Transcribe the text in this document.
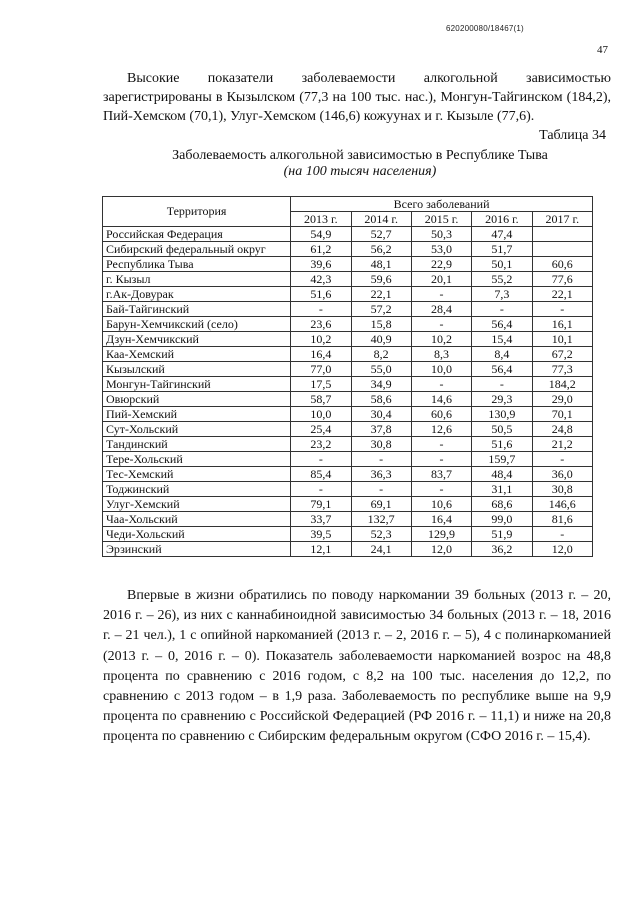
620200080/18467(1)
47

Высокие показатели заболеваемости алкогольной зависимостью зарегистрированы в Кызылском (77,3 на 100 тыс. нас.), Монгун-Тайгинском (184,2), Пий-Хемском (70,1), Улуг-Хемском (146,6) кожуунах и г. Кызыле (77,6).

Таблица 34

Заболеваемость алкогольной зависимостью в Республике Тыва

(на 100 тысяч населения)

Территория	Всего заболеваний				
	2013 г.	2014 г.	2015 г.	2016 г.	2017 г.
Российская Федерация	54,9	52,7	50,3	47,4	
Сибирский федеральный округ	61,2	56,2	53,0	51,7	
Республика Тыва	39,6	48,1	22,9	50,1	60,6
г. Кызыл	42,3	59,6	20,1	55,2	77,6
г.Ак-Довурак	51,6	22,1	-	7,3	22,1
Бай-Тайгинский	-	57,2	28,4	-	-
Барун-Хемчикский (село)	23,6	15,8	-	56,4	16,1
Дзун-Хемчикский	10,2	40,9	10,2	15,4	10,1
Каа-Хемский	16,4	8,2	8,3	8,4	67,2
Кызылский	77,0	55,0	10,0	56,4	77,3
Монгун-Тайгинский	17,5	34,9	-	-	184,2
Овюрский	58,7	58,6	14,6	29,3	29,0
Пий-Хемский	10,0	30,4	60,6	130,9	70,1
Сут-Хольский	25,4	37,8	12,6	50,5	24,8
Тандинский	23,2	30,8	-	51,6	21,2
Тере-Хольский	-	-	-	159,7	-
Тес-Хемский	85,4	36,3	83,7	48,4	36,0
Тоджинский	-	-	-	31,1	30,8
Улуг-Хемский	79,1	69,1	10,6	68,6	146,6
Чаа-Хольский	33,7	132,7	16,4	99,0	81,6
Чеди-Хольский	39,5	52,3	129,9	51,9	-
Эрзинский	12,1	24,1	12,0	36,2	12,0

Впервые в жизни обратились по поводу наркомании 39 больных (2013 г. – 20, 2016 г. – 26), из них с каннабиноидной зависимостью 34 больных (2013 г. – 18, 2016 г. – 21 чел.), 1 с опийной наркоманией (2013 г. – 2, 2016 г. – 5), 4 с полинаркоманией (2013 г. – 0, 2016 г. – 0). Показатель заболеваемости наркоманией возрос на 48,8 процента по сравнению с 2016 годом, с 8,2 на 100 тыс. населения до 12,2, по сравнению с 2013 годом – в 1,9 раза. Заболеваемость по республике выше на 9,9 процента по сравнению с Российской Федерацией (РФ 2016 г. – 11,1) и ниже на 20,8 процента по сравнению с Сибирским федеральным округом (СФО 2016 г. – 15,4).
